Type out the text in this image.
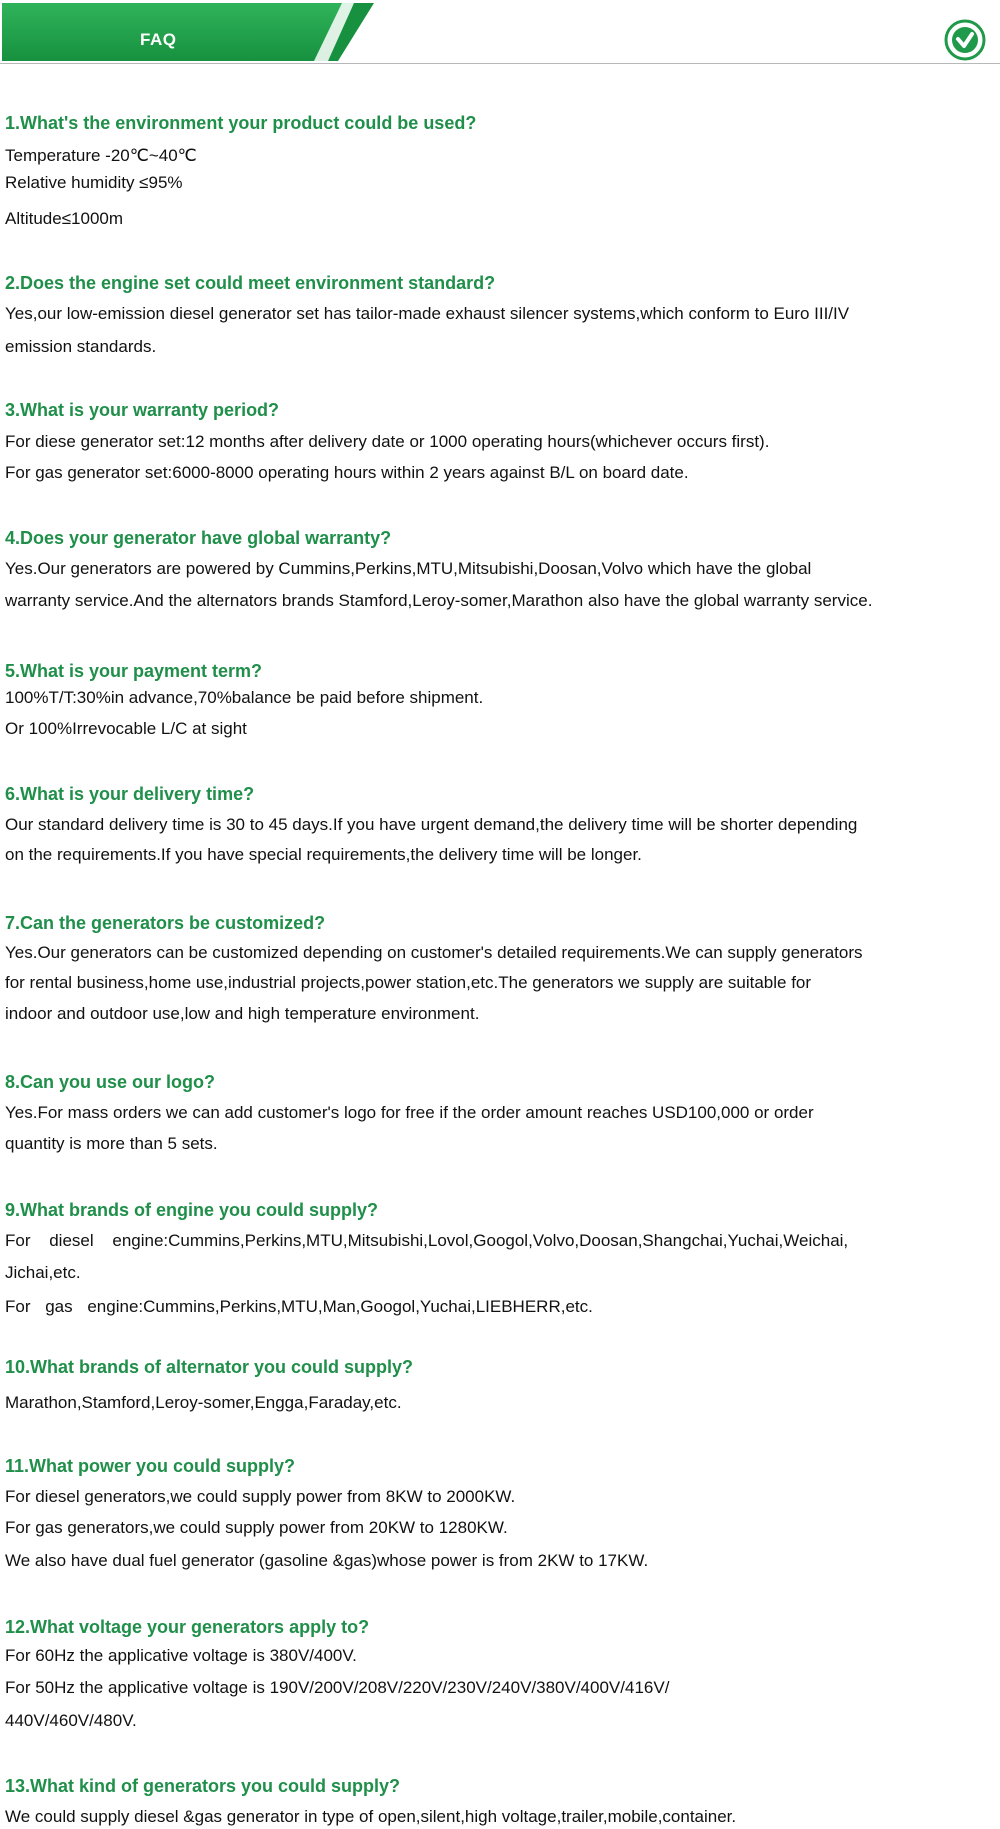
FAQ
1.What's the environment your product could be used?
Temperature -20℃~40℃
Relative humidity ≤95%
Altitude≤1000m
2.Does the engine set could meet environment standard?
Yes,our low-emission diesel generator set has tailor-made exhaust silencer systems,which conform to Euro III/IV
emission standards.
3.What is your warranty period?
For diese generator set:12 months after delivery date or 1000 operating hours(whichever occurs first).
For gas generator set:6000-8000 operating hours within 2 years against B/L on board date.
4.Does your generator have global warranty?
Yes.Our generators are powered by Cummins,Perkins,MTU,Mitsubishi,Doosan,Volvo which have the global
warranty service.And the alternators brands Stamford,Leroy-somer,Marathon also have the global warranty service.
5.What is your payment term?
100%T/T:30%in advance,70%balance be paid before shipment.
Or 100%Irrevocable L/C at sight
6.What is your delivery time?
Our standard delivery time is 30 to 45 days.If you have urgent demand,the delivery time will be shorter depending
on the requirements.If you have special requirements,the delivery time will be longer.
7.Can the generators be customized?
Yes.Our generators can be customized depending on customer's detailed requirements.We can supply generators
for rental business,home use,industrial projects,power station,etc.The generators we supply are suitable for
indoor and outdoor use,low and high temperature environment.
8.Can you use our logo?
Yes.For mass orders we can add customer's logo for free if the order amount reaches USD100,000 or order
quantity is more than 5 sets.
9.What brands of engine you could supply?
For diesel engine:Cummins,Perkins,MTU,Mitsubishi,Lovol,Googol,Volvo,Doosan,Shangchai,Yuchai,Weichai,
Jichai,etc.
For gas engine:Cummins,Perkins,MTU,Man,Googol,Yuchai,LIEBHERR,etc.
10.What brands of alternator you could supply?
Marathon,Stamford,Leroy-somer,Engga,Faraday,etc.
11.What power you could supply?
For diesel generators,we could supply power from 8KW to 2000KW.
For gas generators,we could supply power from 20KW to 1280KW.
We also have dual fuel generator (gasoline &gas)whose power is from 2KW to 17KW.
12.What voltage your generators apply to?
For 60Hz the applicative voltage is 380V/400V.
For 50Hz the applicative voltage is 190V/200V/208V/220V/230V/240V/380V/400V/416V/
440V/460V/480V.
13.What kind of generators you could supply?
We could supply diesel &gas generator in type of open,silent,high voltage,trailer,mobile,container.
